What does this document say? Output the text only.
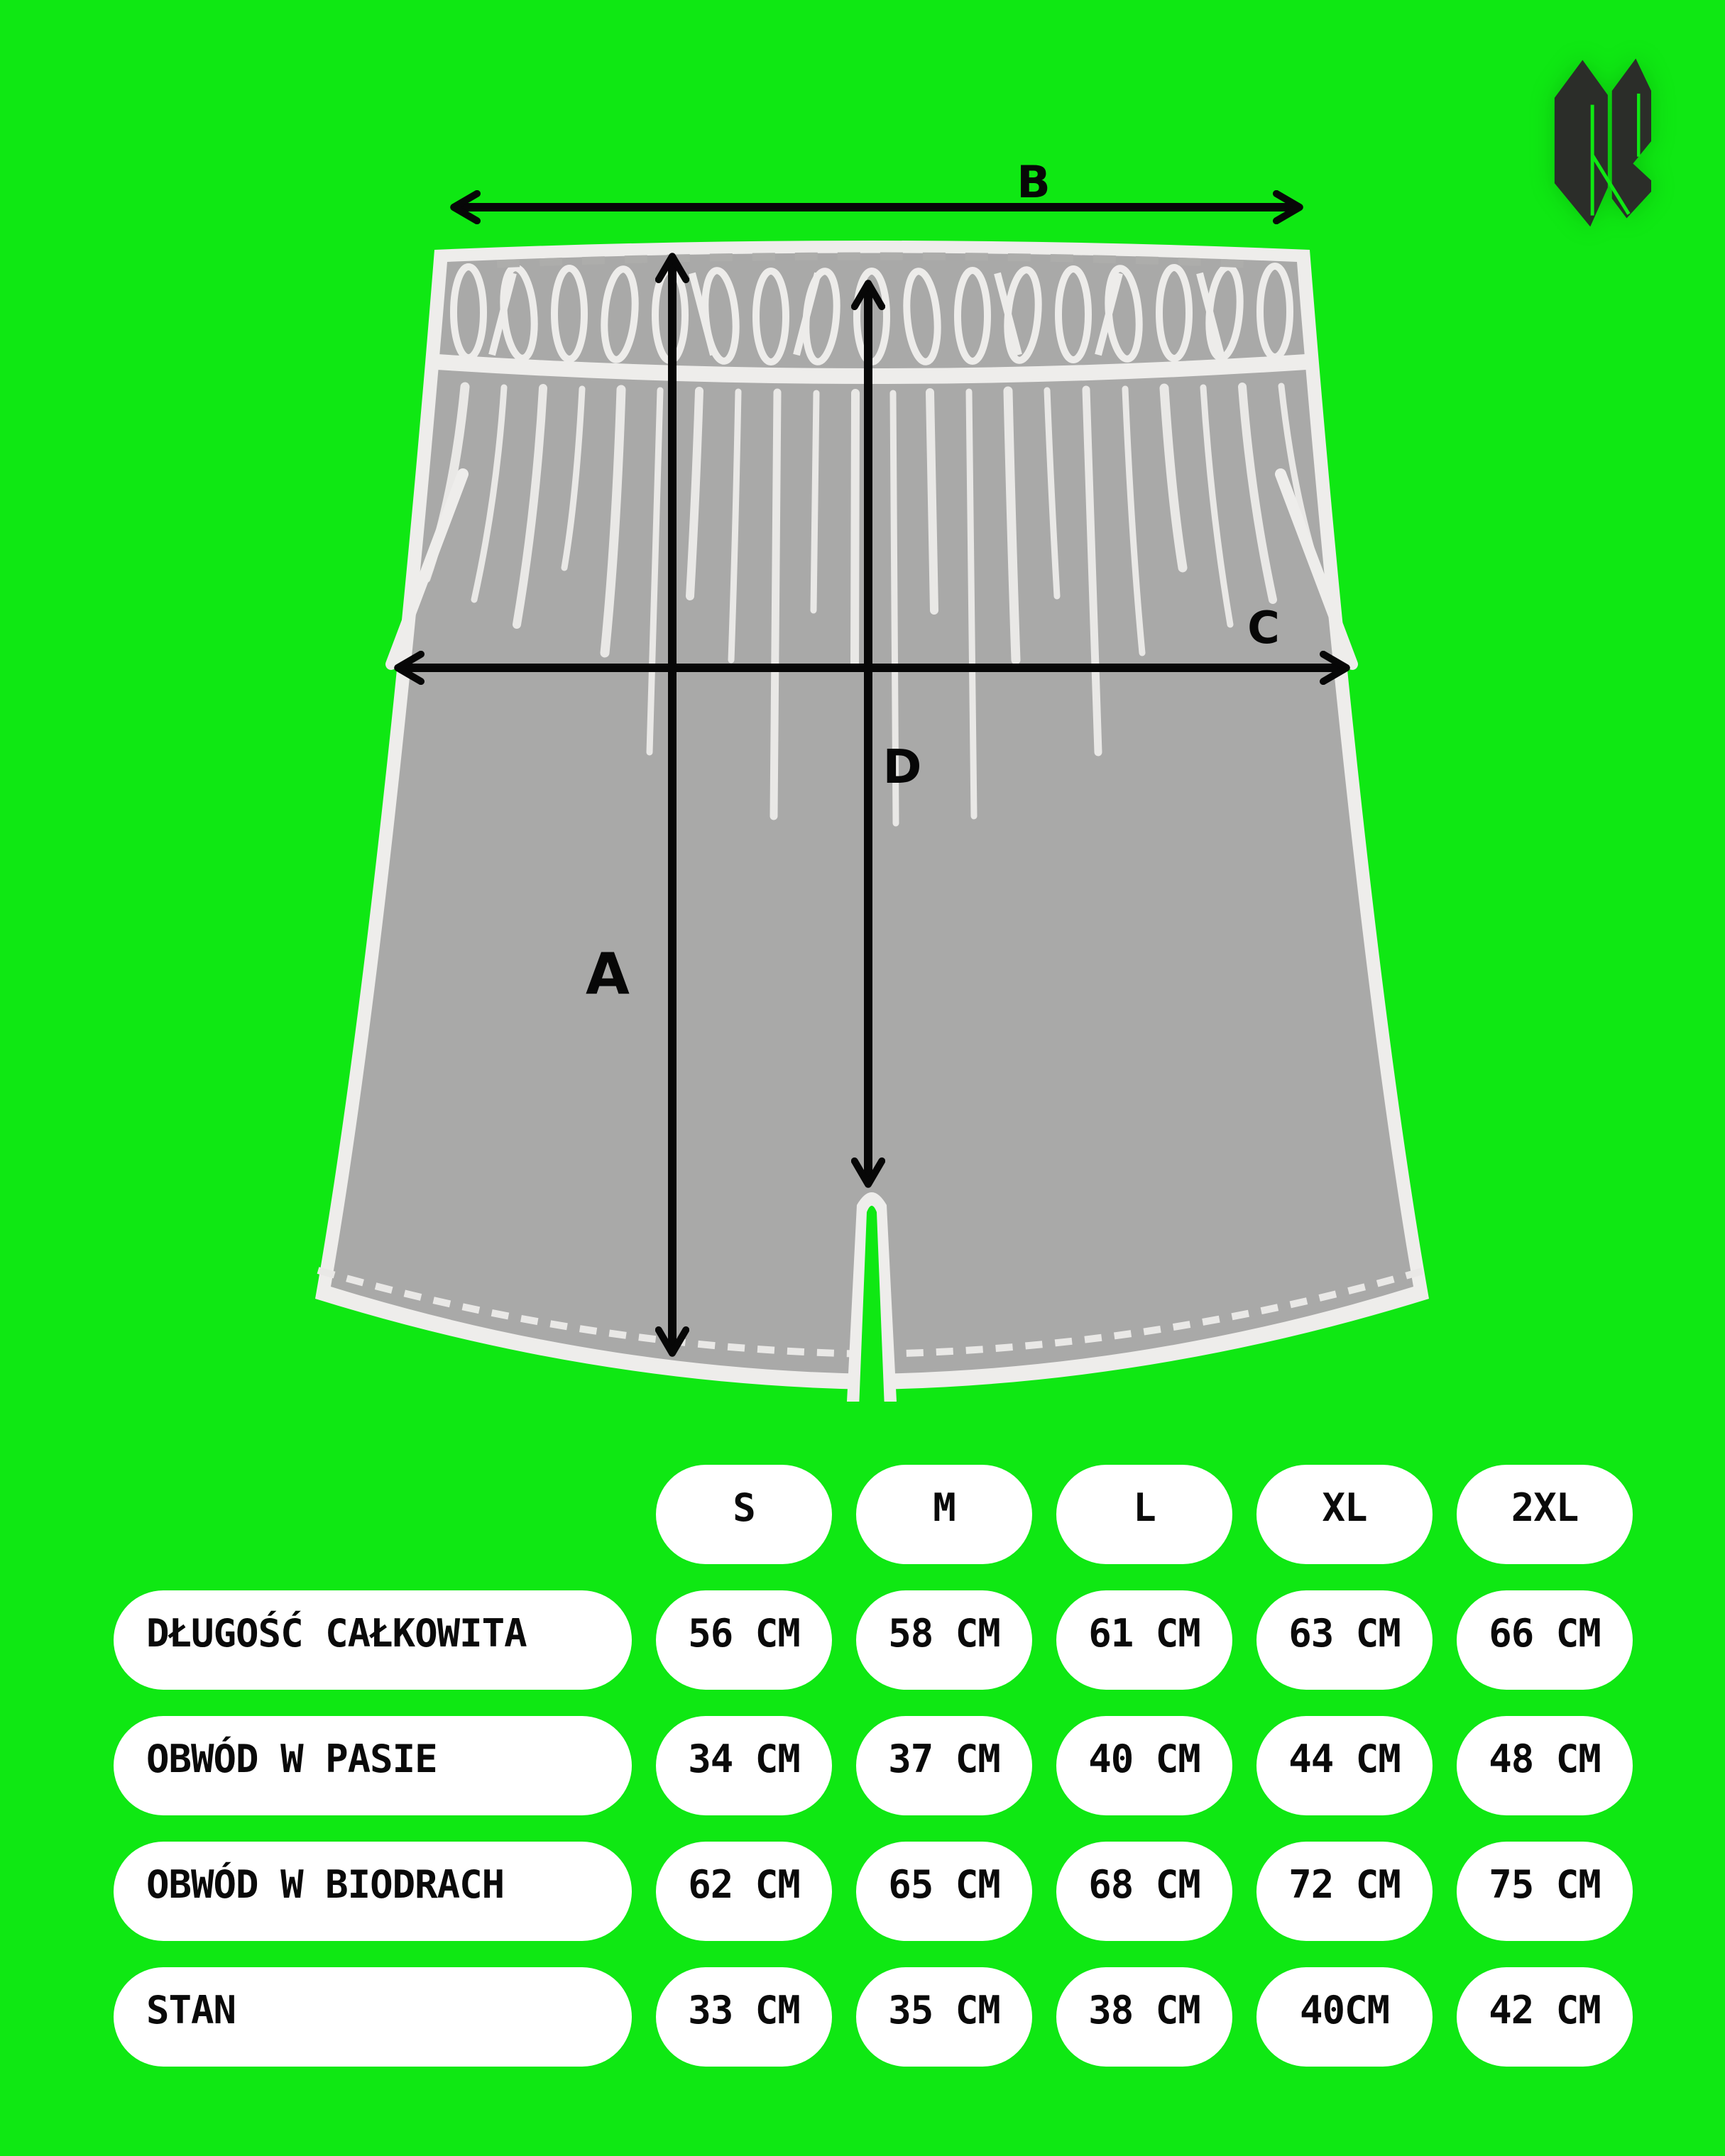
B
C
D
A
S	M	L	XL	2XL
DŁUGOŚĆ CAŁKOWITA	56 CM 58 CM 61 CM 63 CM 66 CM
OBWÓD W PASIE	34 CM 37 CM 40 CM 44 CM 48 CM
OBWÓD W BIODRACH	62 CM 65 CM 68 CM 72 CM 75 CM
STAN	33 CM 35 CM 38 CM	40CM	42 CM
